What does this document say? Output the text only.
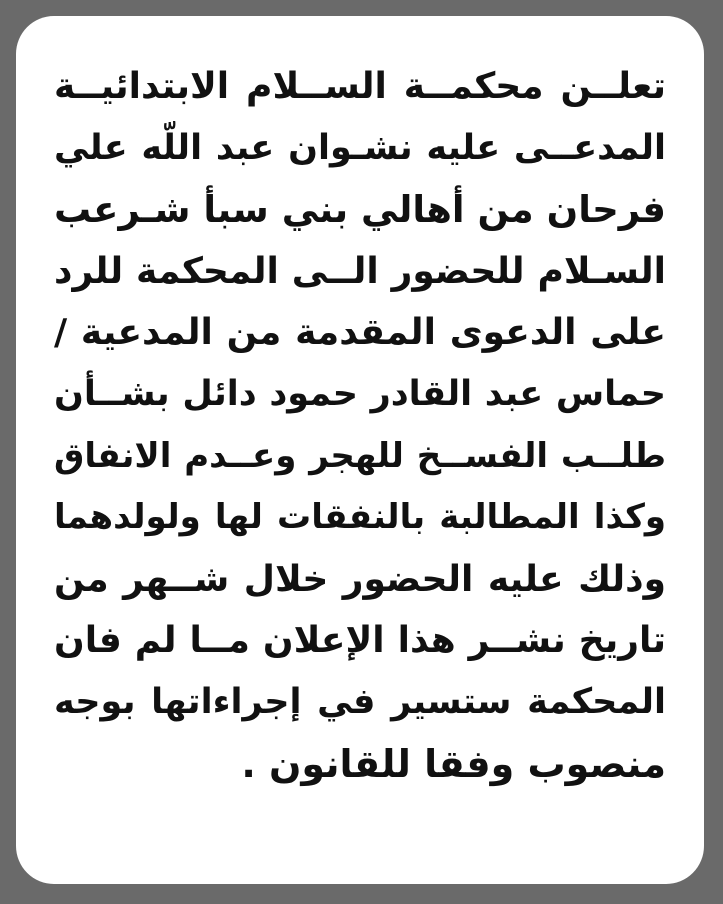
تعلــن محكمــة الســلام الابتدائيــة
المدعــى عليه نشـوان عبد اللّه علي
فرحان من أهالي بني سبأ شـرعب
السـلام للحضور الــى المحكمة للرد
على الدعوى المقدمة من المدعية /
حماس عبد القادر حمود دائل بشــأن
طلــب الفســخ للهجر وعــدم الانفاق
وكذا المطالبة بالنفقات لها ولولدهما
وذلك عليه الحضور خلال شــهر من
تاريخ نشــر هذا الإعلان مــا لم فان
المحكمة ستسير في إجراءاتها بوجه
منصوب وفقا للقانون .
